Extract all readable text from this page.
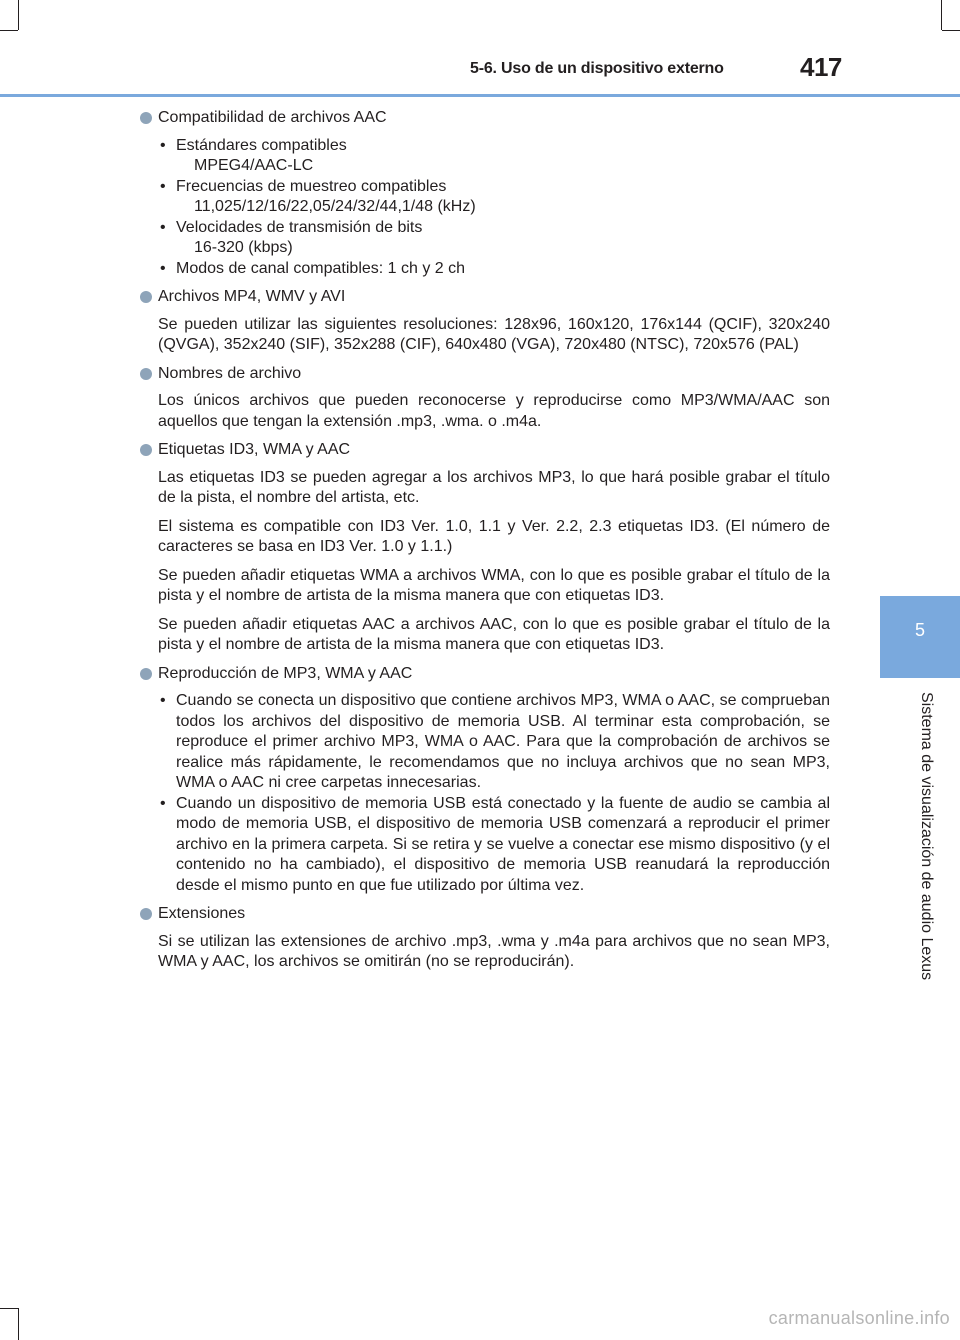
5-6. Uso de un dispositivo externo	417
5
Sistema de visualización de audio Lexus
Compatibilidad de archivos AAC
• Estándares compatibles
MPEG4/AAC-LC
• Frecuencias de muestreo compatibles
11,025/12/16/22,05/24/32/44,1/48 (kHz)
• Velocidades de transmisión de bits
16-320 (kbps)
• Modos de canal compatibles: 1 ch y 2 ch
Archivos MP4, WMV y AVI
Se pueden utilizar las siguientes resoluciones: 128x96, 160x120, 176x144 (QCIF), 320x240 (QVGA), 352x240 (SIF), 352x288 (CIF), 640x480 (VGA), 720x480 (NTSC), 720x576 (PAL)
Nombres de archivo
Los únicos archivos que pueden reconocerse y reproducirse como MP3/WMA/AAC son aquellos que tengan la extensión .mp3, .wma. o .m4a.
Etiquetas ID3, WMA y AAC
Las etiquetas ID3 se pueden agregar a los archivos MP3, lo que hará posible grabar el título de la pista, el nombre del artista, etc.
El sistema es compatible con ID3 Ver. 1.0, 1.1 y Ver. 2.2, 2.3 etiquetas ID3. (El número de caracteres se basa en ID3 Ver. 1.0 y 1.1.)
Se pueden añadir etiquetas WMA a archivos WMA, con lo que es posible grabar el título de la pista y el nombre de artista de la misma manera que con etiquetas ID3.
Se pueden añadir etiquetas AAC a archivos AAC, con lo que es posible grabar el título de la pista y el nombre de artista de la misma manera que con etiquetas ID3.
Reproducción de MP3, WMA y AAC
• Cuando se conecta un dispositivo que contiene archivos MP3, WMA o AAC, se comprueban todos los archivos del dispositivo de memoria USB. Al terminar esta comprobación, se reproduce el primer archivo MP3, WMA o AAC. Para que la comprobación de archivos se realice más rápidamente, le recomendamos que no incluya archivos que no sean MP3, WMA o AAC ni cree carpetas innecesarias.
• Cuando un dispositivo de memoria USB está conectado y la fuente de audio se cambia al modo de memoria USB, el dispositivo de memoria USB comenzará a reproducir el primer archivo en la primera carpeta. Si se retira y se vuelve a conectar ese mismo dispositivo (y el contenido no ha cambiado), el dispositivo de memoria USB reanudará la reproducción desde el mismo punto en que fue utilizado por última vez.
Extensiones
Si se utilizan las extensiones de archivo .mp3, .wma y .m4a para archivos que no sean MP3, WMA y AAC, los archivos se omitirán (no se reproducirán).
carmanualsonline.info
